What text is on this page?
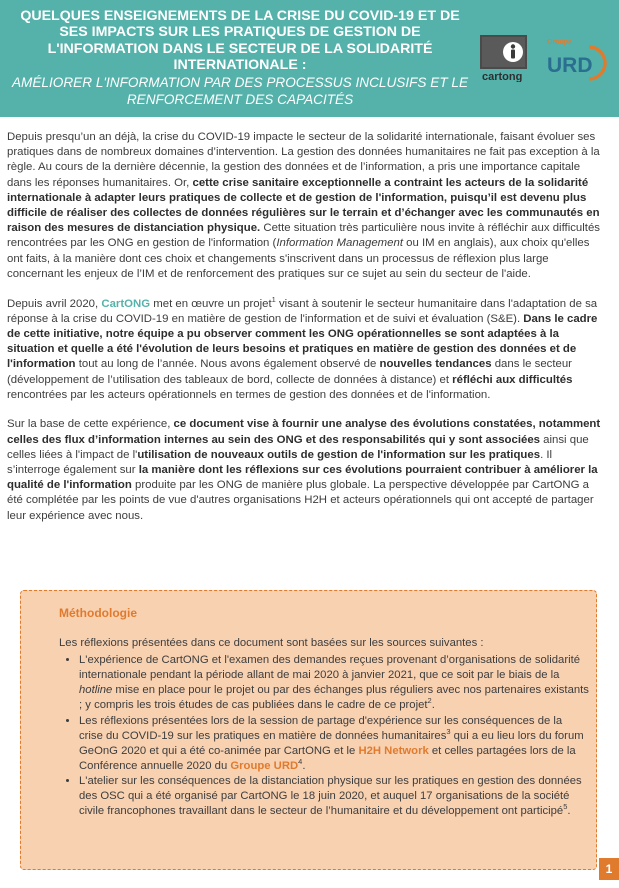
QUELQUES ENSEIGNEMENTS DE LA CRISE DU COVID-19 ET DE SES IMPACTS SUR LES PRATIQUES DE GESTION DE L'INFORMATION DANS LE SECTEUR DE LA SOLIDARITÉ INTERNATIONALE :
AMÉLIORER L'INFORMATION PAR DES PROCESSUS INCLUSIFS ET LE RENFORCEMENT DES CAPACITÉS
cartong
Groupe
URD

Depuis presqu’un an déjà, la crise du COVID-19 impacte le secteur de la solidarité internationale, faisant évoluer ses pratiques dans de nombreux domaines d’intervention. La gestion des données humanitaires ne fait pas exception à la règle. Au cours de la dernière décennie, la gestion des données et de l’information, a pris une importance capitale dans les réponses humanitaires. Or, cette crise sanitaire exceptionnelle a contraint les acteurs de la solidarité internationale à adapter leurs pratiques de collecte et de gestion de l'information, puisqu’il est devenu plus difficile de réaliser des collectes de données régulières sur le terrain et d’échanger avec les communautés en raison des mesures de distanciation physique. Cette situation très particulière nous invite à réfléchir aux difficultés rencontrées par les ONG en gestion de l'information (Information Management ou IM en anglais), aux choix qu'elles ont faits, à la manière dont ces choix et changements s'inscrivent dans un processus de réflexion plus large concernant les enjeux de l’IM et de renforcement des pratiques sur ce sujet au sein du secteur de l'aide.

Depuis avril 2020, CartONG met en œuvre un projet$^1$ visant à soutenir le secteur humanitaire dans l'adaptation de sa réponse à la crise du COVID-19 en matière de gestion de l'information et de suivi et évaluation (S&E). Dans le cadre de cette initiative, notre équipe a pu observer comment les ONG opérationnelles se sont adaptées à la situation et quelle a été l'évolution de leurs besoins et pratiques en matière de gestion des données et de l'information tout au long de l’année. Nous avons également observé de nouvelles tendances dans le secteur (développement de l’utilisation des tableaux de bord, collecte de données à distance) et réfléchi aux difficultés rencontrées par les acteurs opérationnels en termes de gestion des données et de l'information.

Sur la base de cette expérience, ce document vise à fournir une analyse des évolutions constatées, notamment celles des flux d’information internes au sein des ONG et des responsabilités qui y sont associées ainsi que celles liées à l'impact de l'utilisation de nouveaux outils de gestion de l'information sur les pratiques. Il s’interroge également sur la manière dont les réflexions sur ces évolutions pourraient contribuer à améliorer la qualité de l'information produite par les ONG de manière plus globale. La perspective développée par CartONG a été complétée par les points de vue d'autres organisations H2H et acteurs opérationnels qui ont accepté de partager leur expérience avec nous.

Méthodologie

Les réflexions présentées dans ce document sont basées sur les sources suivantes :

• L'expérience de CartONG et l'examen des demandes reçues provenant d’organisations de solidarité internationale pendant la période allant de mai 2020 à janvier 2021, que ce soit par le biais de la hotline mise en place pour le projet ou par des échanges plus réguliers avec nos partenaires existants ; y compris les trois études de cas publiées dans le cadre de ce projet$^2$.
• Les réflexions présentées lors de la session de partage d'expérience sur les conséquences de la crise du COVID-19 sur les pratiques en matière de données humanitaires$^3$ qui a eu lieu lors du forum GeOnG 2020 et qui a été co-animée par CartONG et le H2H Network et celles partagées lors de la Conférence annuelle 2020 du Groupe URD$^4$.
• L'atelier sur les conséquences de la distanciation physique sur les pratiques en gestion des données des OSC qui a été organisé par CartONG le 18 juin 2020, et auquel 17 organisations de la société civile francophones travaillant dans le secteur de l’humanitaire et du développement ont participé$^5$.
1
